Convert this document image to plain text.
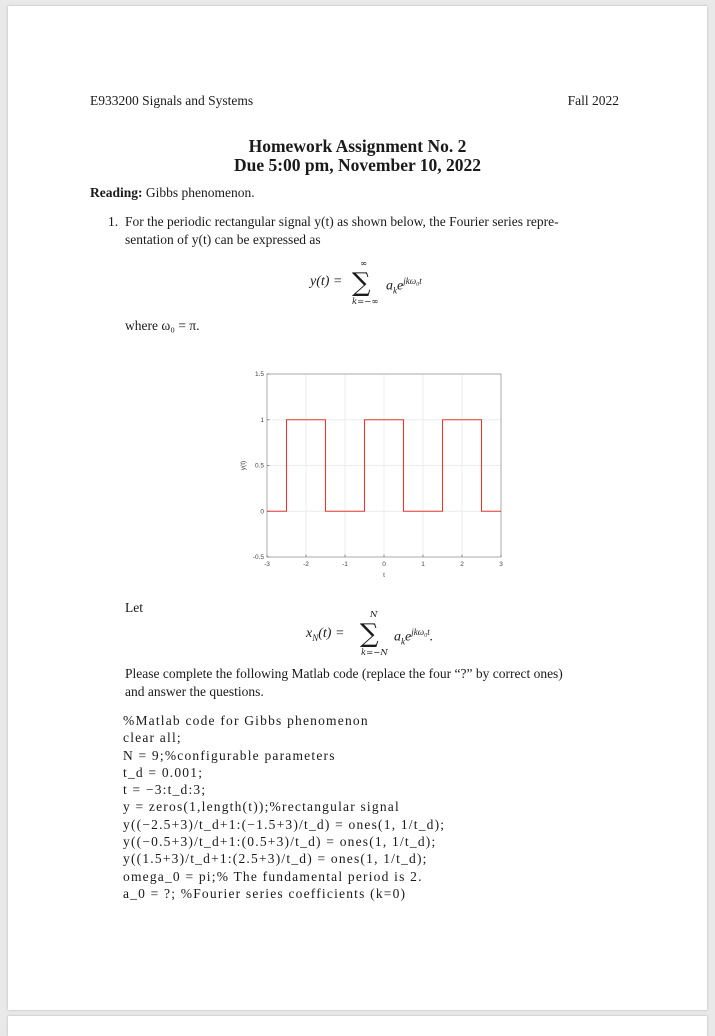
E933200 Signals and Systems	Fall 2022
Homework Assignment No. 2
Due 5:00 pm, November 10, 2022
Reading: Gibbs phenomenon.
1. For the periodic rectangular signal y(t) as shown below, the Fourier series repre-
sentation of y(t) can be expressed as
y(t) =
∞
∑
k=−∞
$a_ke^{jk\omega_0t}$
where ω₀ = π.
-3	-2	-1	0	1	2	3
-0.5
0
0.5
1
1.5
t
y(t)
Let
$x_N(t)$ =
N
∑
k=−N
$a_ke^{jk\omega_0t}$.
Please complete the following Matlab code (replace the four “?” by correct ones)
and answer the questions.
%Matlab code for Gibbs phenomenon
clear all;
N = 9;%configurable parameters
t_d = 0.001;
t = −3:t_d:3;
y = zeros(1,length(t));%rectangular signal
y((−2.5+3)/t_d+1:(−1.5+3)/t_d) = ones(1, 1/t_d);
y((−0.5+3)/t_d+1:(0.5+3)/t_d) = ones(1, 1/t_d);
y((1.5+3)/t_d+1:(2.5+3)/t_d) = ones(1, 1/t_d);
omega_0 = pi;% The fundamental period is 2.
a_0 = ?; %Fourier series coefficients (k=0)
